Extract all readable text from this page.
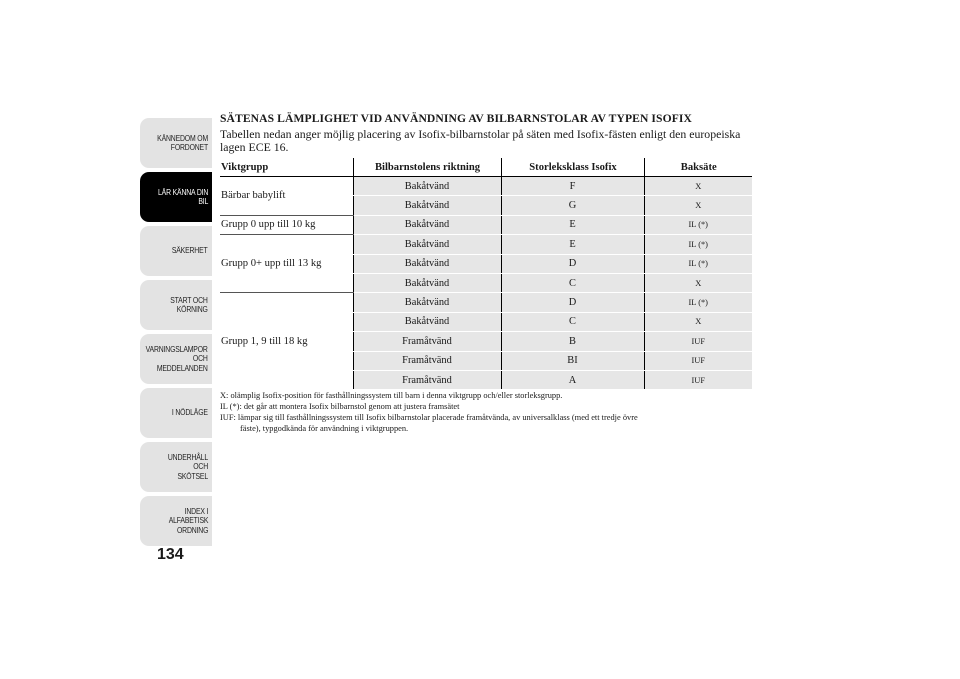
KÄNNEDOM OM
FORDONET
LÄR KÄNNA DIN
BIL
SÄKERHET
START OCH
KÖRNING
VARNINGSLAMPOR
OCH
MEDDELANDEN
I NÖDLÄGE
UNDERHÅLL OCH
SKÖTSEL
INDEX I
ALFABETISK
ORDNING
134
SÄTENAS LÄMPLIGHET VID ANVÄNDNING AV BILBARNSTOLAR AV TYPEN ISOFIX

Tabellen nedan anger möjlig placering av Isofix-bilbarnstolar på säten med Isofix-fästen enligt den europeiska lagen ECE 16.

Viktgrupp	Bilbarnstolens riktning	Storleksklass Isofix	Baksäte
Bärbar babylift	Bakåtvänd	F	X
	Bakåtvänd	G	X
Grupp 0 upp till 10 kg	Bakåtvänd	E	IL (*)
Grupp 0+ upp till 13 kg	Bakåtvänd	E	IL (*)
	Bakåtvänd	D	IL (*)
	Bakåtvänd	C	X
Grupp 1, 9 till 18 kg	Bakåtvänd	D	IL (*)
	Bakåtvänd	C	X
	Framåtvänd	B	IUF
	Framåtvänd	BI	IUF
	Framåtvänd	A	IUF
X: olämplig Isofix-position för fasthållningssystem till barn i denna viktgrupp och/eller storleksgrupp.
IL (*): det går att montera Isofix bilbarnstol genom att justera framsätet
IUF: lämpar sig till fasthållningssystem till Isofix bilbarnstolar placerade framåtvända, av universalklass (med ett tredje övre
fäste), typgodkända för användning i viktgruppen.
